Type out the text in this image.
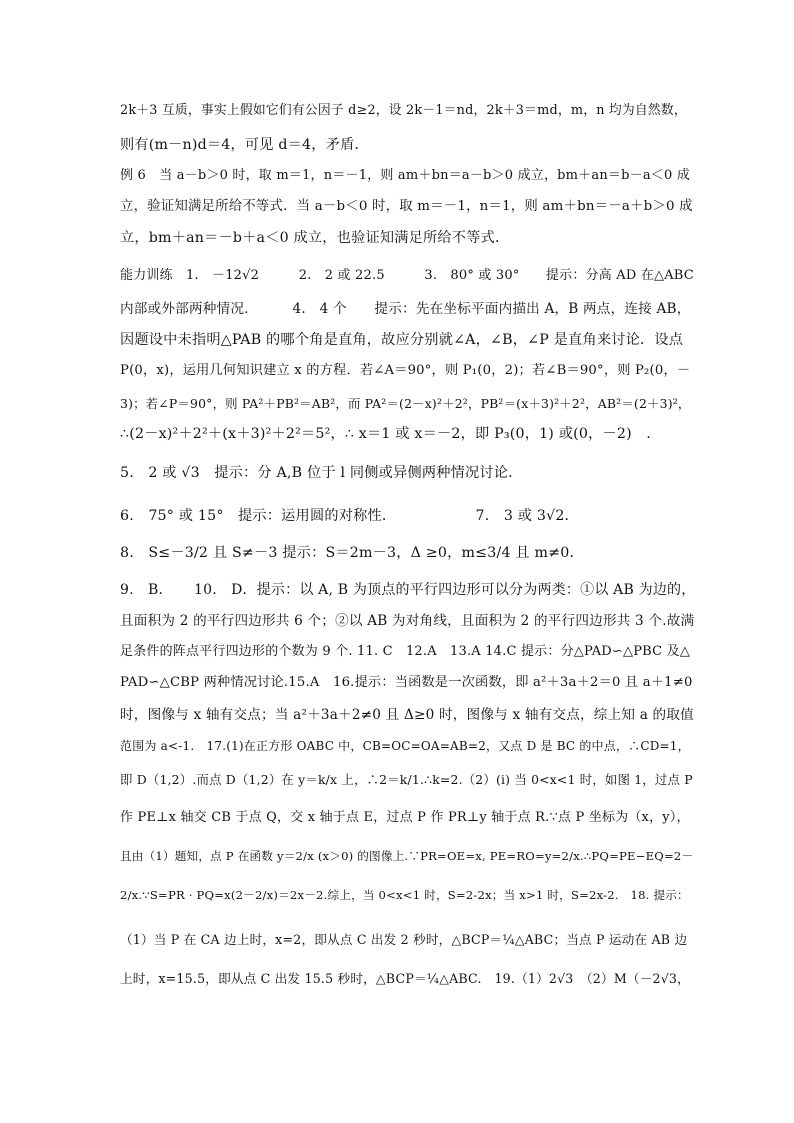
2k＋3 互质，事实上假如它们有公因子 d≥2，设 2k－1＝nd，2k＋3＝md，m，n 均为自然数，
则有(m－n)d＝4，可见 d＝4，矛盾．
例 6　当 a－b＞0 时，取 m＝1，n＝－1，则 am＋bn＝a－b＞0 成立，bm＋an＝b－a＜0 成
立，验证知满足所给不等式．当 a－b＜0 时，取 m＝－1，n＝1，则 am＋bn＝－a＋b＞0 成
立，bm＋an＝－b＋a＜0 成立，也验证知满足所给不等式．
能力训练　1.　－12√2　　　2.　2 或 22.5　　　3.　80° 或 30°　　提示：分高 AD 在△ABC
内部或外部两种情况．　　　4.　4 个　　提示：先在坐标平面内描出 A，B 两点，连接 AB，
因题设中未指明△PAB 的哪个角是直角，故应分别就∠A，∠B，∠P 是直角来讨论．设点
P(0，x)，运用几何知识建立 x 的方程．若∠A＝90°，则 P₁(0，2)；若∠B＝90°，则 P₂(0，－
3)；若∠P＝90°，则 PA²＋PB²＝AB²，而 PA²＝(2－x)²＋2²，PB²＝(x＋3)²＋2²，AB²＝(2＋3)²，
∴(2－x)²＋2²＋(x＋3)²＋2²＝5²，∴ x＝1 或 x＝－2，即 P₃(0，1) 或(0，－2)　.
5.　2 或 √3　提示：分 A,B 位于 l 同侧或异侧两种情况讨论．
6.　75° 或 15°　提示：运用圆的对称性．　　　　　　7.　3 或 3√2．
8.　S≤－3/2 且 S≠－3 提示：S＝2m－3，Δ ≥0，m≤3/4 且 m≠0．
9.　B．　　10.　D．提示：以 A, B 为顶点的平行四边形可以分为两类：①以 AB 为边的，
且面积为 2 的平行四边形共 6 个；②以 AB 为对角线，且面积为 2 的平行四边形共 3 个.故满
足条件的阵点平行四边形的个数为 9 个. 11. C　12.A　13.A 14.C 提示：分△PAD∽△PBC 及△
PAD∽△CBP 两种情况讨论.15.A　16.提示：当函数是一次函数，即 a²＋3a＋2＝0 且 a＋1≠0
时，图像与 x 轴有交点；当 a²＋3a＋2≠0 且 Δ≥0 时，图像与 x 轴有交点，综上知 a 的取值
范围为 a<-1.　17.(1)在正方形 OABC 中，CB=OC=OA=AB=2，又点 D 是 BC 的中点，∴CD=1，
即 D（1,2）.而点 D（1,2）在 y＝k/x 上，∴2＝k/1.∴k=2.（2）(i) 当 0<x<1 时，如图 1，过点 P
作 PE⊥x 轴交 CB 于点 Q，交 x 轴于点 E，过点 P 作 PR⊥y 轴于点 R.∵点 P 坐标为（x，y），
且由（1）题知，点 P 在函数 y＝2/x (x＞0) 的图像上.∵PR=OE=x, PE=RO=y=2/x.∴PQ=PE−EQ=2－
2/x.∵S=PR · PQ=x(2－2/x)＝2x－2.综上，当 0<x<1 时，S=2-2x；当 x>1 时，S=2x-2.　18. 提示：
（1）当 P 在 CA 边上时，x=2，即从点 C 出发 2 秒时，△BCP＝¼△ABC；当点 P 运动在 AB 边
上时，x=15.5，即从点 C 出发 15.5 秒时，△BCP＝¼△ABC.　19.（1）2√3　（2）M（－2√3，
